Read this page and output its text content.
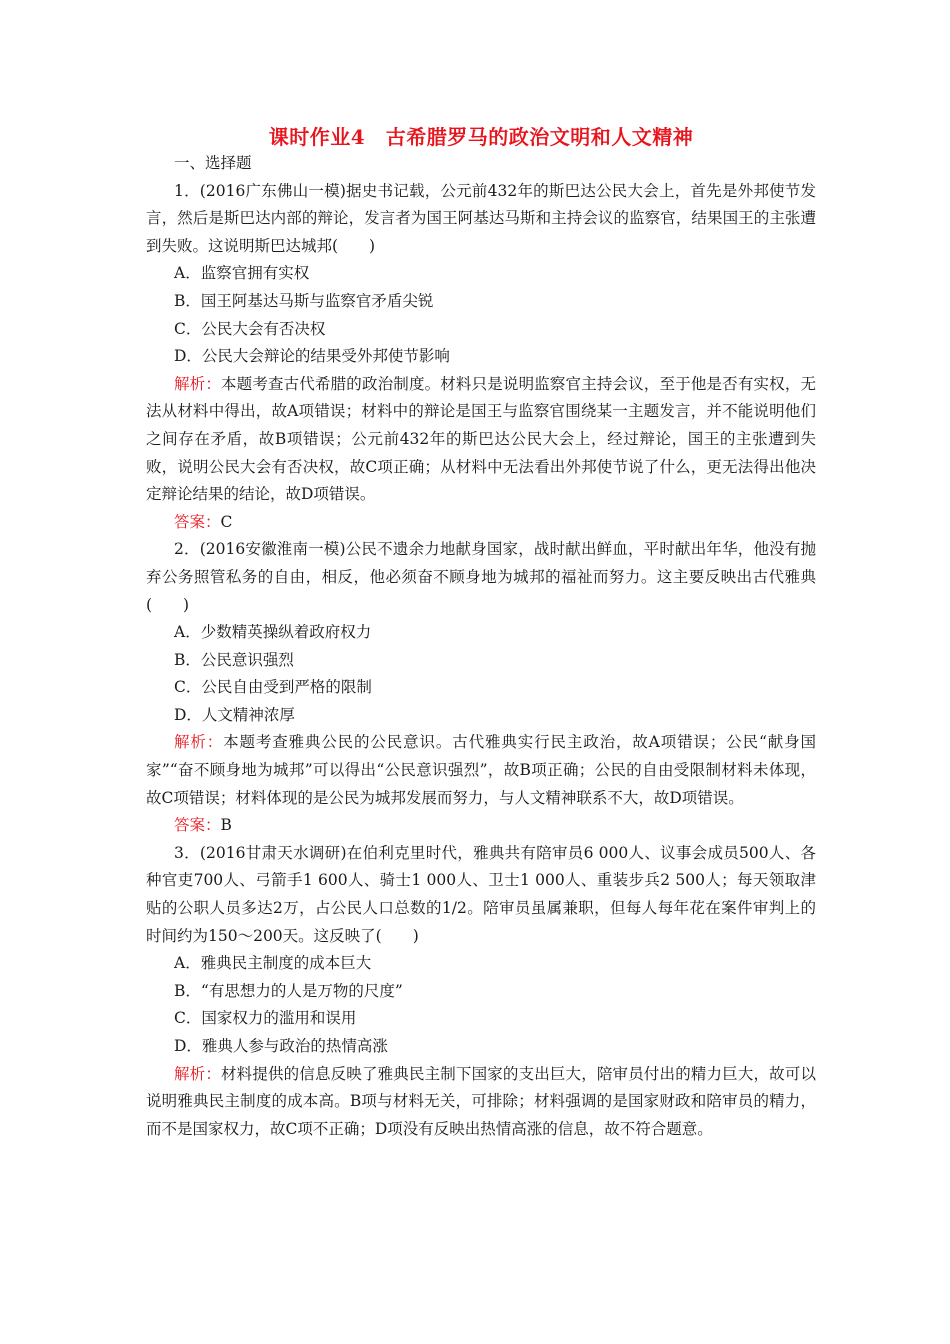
课时作业4　古希腊罗马的政治文明和人文精神
一、选择题

1．(2016广东佛山一模)据史书记载，公元前432年的斯巴达公民大会上，首先是外邦使节发言，然后是斯巴达内部的辩论，发言者为国王阿基达马斯和主持会议的监察官，结果国王的主张遭到失败。这说明斯巴达城邦(　　)

A．监察官拥有实权

B．国王阿基达马斯与监察官矛盾尖锐

C．公民大会有否决权

D．公民大会辩论的结果受外邦使节影响

解析：本题考查古代希腊的政治制度。材料只是说明监察官主持会议，至于他是否有实权，无法从材料中得出，故A项错误；材料中的辩论是国王与监察官围绕某一主题发言，并不能说明他们之间存在矛盾，故B项错误；公元前432年的斯巴达公民大会上，经过辩论，国王的主张遭到失败，说明公民大会有否决权，故C项正确；从材料中无法看出外邦使节说了什么，更无法得出他决定辩论结果的结论，故D项错误。

答案：C

2．(2016安徽淮南一模)公民不遗余力地献身国家，战时献出鲜血，平时献出年华，他没有抛弃公务照管私务的自由，相反，他必须奋不顾身地为城邦的福祉而努力。这主要反映出古代雅典(　　)

A．少数精英操纵着政府权力

B．公民意识强烈

C．公民自由受到严格的限制

D．人文精神浓厚

解析：本题考查雅典公民的公民意识。古代雅典实行民主政治，故A项错误；公民“献身国家”“奋不顾身地为城邦”可以得出“公民意识强烈”，故B项正确；公民的自由受限制材料未体现，故C项错误；材料体现的是公民为城邦发展而努力，与人文精神联系不大，故D项错误。

答案：B

3．(2016甘肃天水调研)在伯利克里时代，雅典共有陪审员6 000人、议事会成员500人、各种官吏700人、弓箭手1 600人、骑士1 000人、卫士1 000人、重装步兵2 500人；每天领取津贴的公职人员多达2万，占公民人口总数的1/2。陪审员虽属兼职，但每人每年花在案件审判上的时间约为150～200天。这反映了(　　)

A．雅典民主制度的成本巨大

B．“有思想力的人是万物的尺度”

C．国家权力的滥用和误用

D．雅典人参与政治的热情高涨

解析：材料提供的信息反映了雅典民主制下国家的支出巨大，陪审员付出的精力巨大，故可以说明雅典民主制度的成本高。B项与材料无关，可排除；材料强调的是国家财政和陪审员的精力，而不是国家权力，故C项不正确；D项没有反映出热情高涨的信息，故不符合题意。
